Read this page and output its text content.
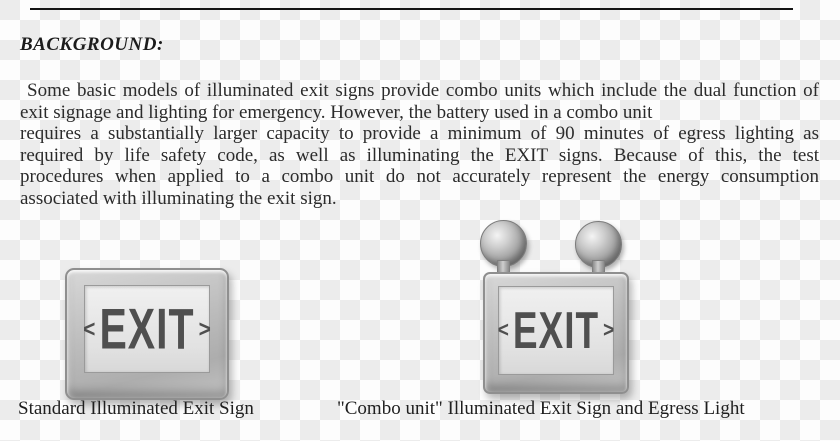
BACKGROUND:
Some basic models of illuminated exit signs provide combo units which include the dual function of
exit signage and lighting for emergency. However, the battery used in a combo unit
requires a substantially larger capacity to provide a minimum of 90 minutes of egress lighting as
required by life safety code, as well as illuminating the EXIT signs. Because of this, the test
procedures when applied to a combo unit do not accurately represent the energy consumption
associated with illuminating the exit sign.
< EXIT >	< EXIT >

Standard Illuminated Exit Sign	"Combo unit" Illuminated Exit Sign and Egress Light
